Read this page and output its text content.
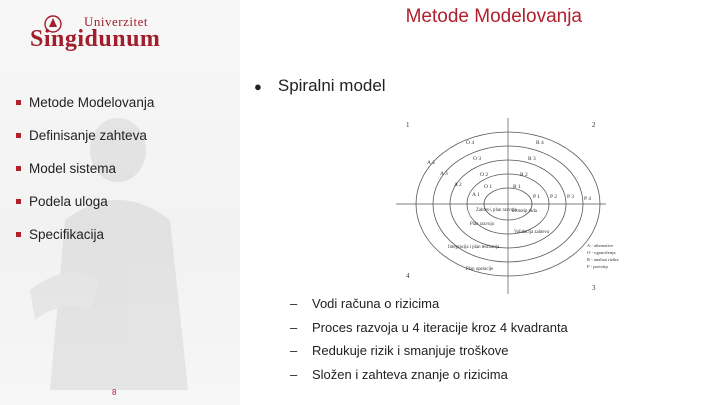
Univerzitet
Singidunum
Metode Modelovanja
Metode Modelovanja
Definisanje zahteva
Model sistema
Podela uloga
Specifikacija
8
● Spiralni model
1	2
3
4
O 4
A 4
O 3
A 3	O 2
A 2	O 1
A 1
R 4
R 3
R 2
R 1
P 4
P 3
P 2
P 1
Zahtevi, plan razvoja
Prototip rada
Plan razvoja
Validacija zahteva
Integracija i plan testiranja
Plan operacije
A - alternative
O - ograničenja
R - analiza rizika
P - prototip
–	Vodi računa o rizicima
–	Proces razvoja u 4 iteracije kroz 4 kvadranta
–	Redukuje rizik i smanjuje troškove
–	Složen i zahteva znanje o rizicima
